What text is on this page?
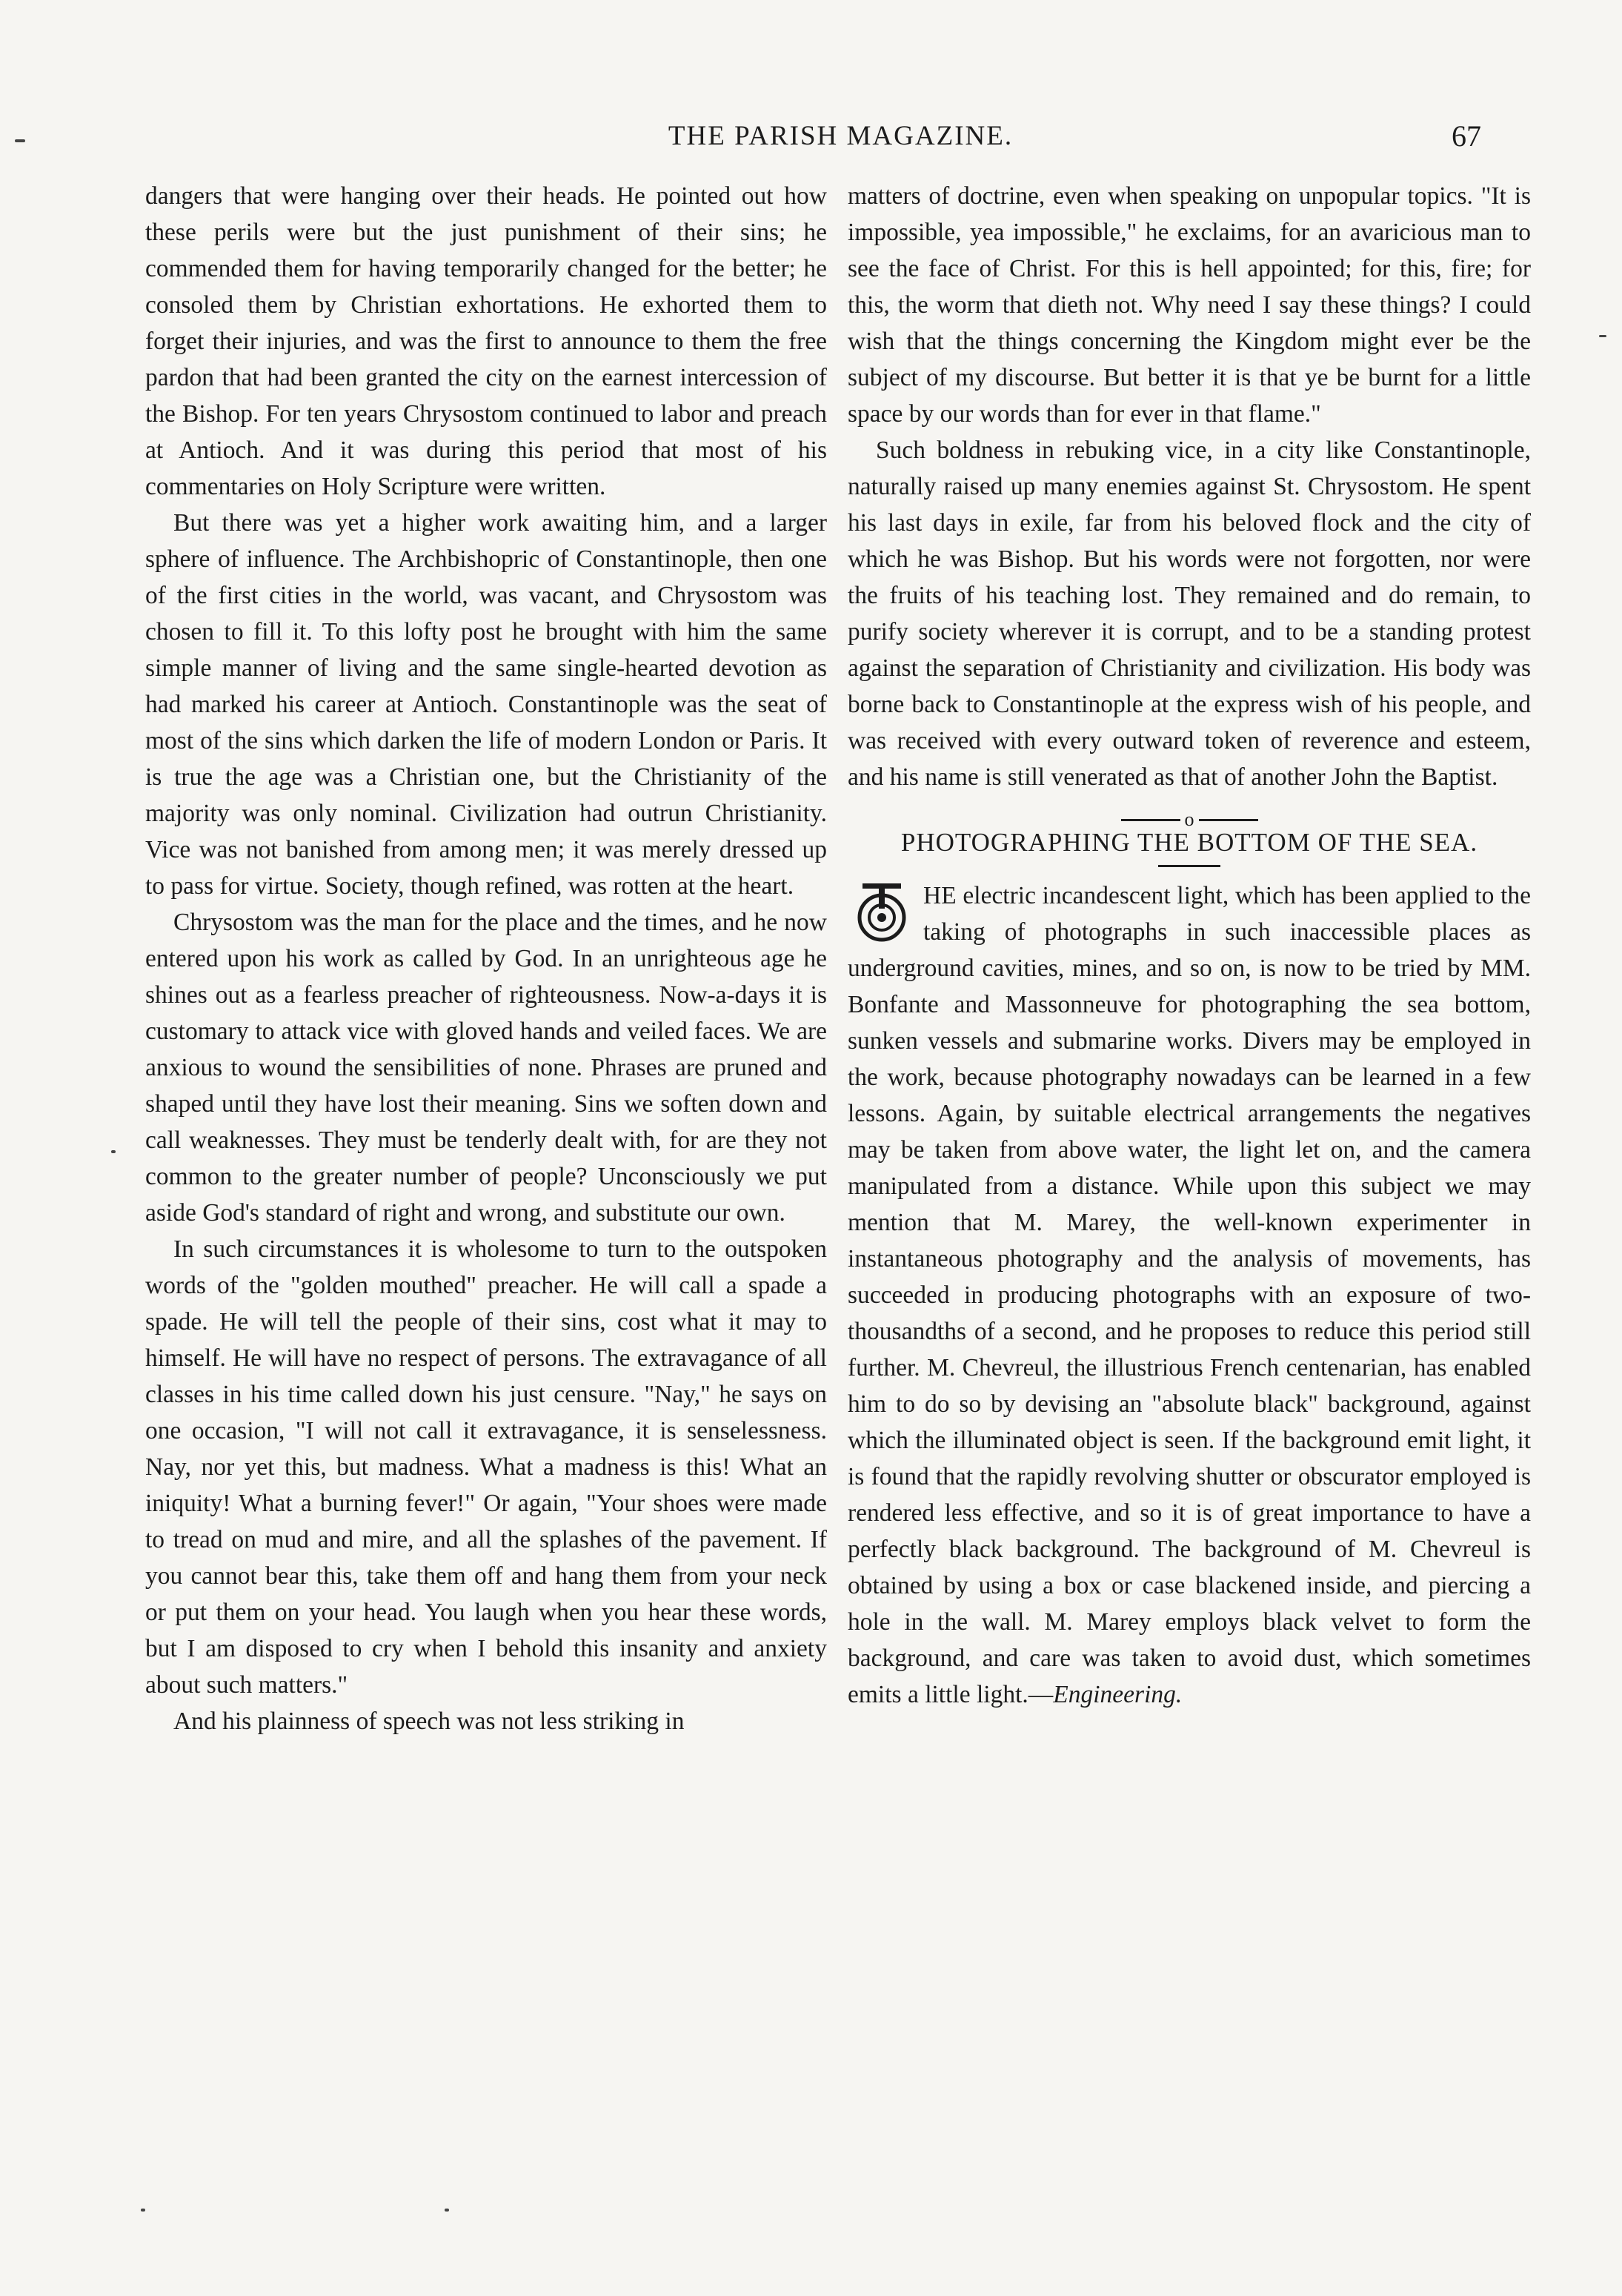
THE PARISH MAGAZINE.	67

dangers that were hanging over their heads. He pointed out how these perils were but the just punishment of their sins; he commended them for having temporarily changed for the better; he consoled them by Christian exhortations. He exhorted them to forget their injuries, and was the first to announce to them the free pardon that had been granted the city on the earnest intercession of the Bishop. For ten years Chrysostom continued to labor and preach at Antioch. And it was during this period that most of his commentaries on Holy Scripture were written.

But there was yet a higher work awaiting him, and a larger sphere of influence. The Archbishopric of Constantinople, then one of the first cities in the world, was vacant, and Chrysostom was chosen to fill it. To this lofty post he brought with him the same simple manner of living and the same single-hearted devotion as had marked his career at Antioch. Constantinople was the seat of most of the sins which darken the life of modern London or Paris. It is true the age was a Christian one, but the Christianity of the majority was only nominal. Civilization had outrun Christianity. Vice was not banished from among men; it was merely dressed up to pass for virtue. Society, though refined, was rotten at the heart.

Chrysostom was the man for the place and the times, and he now entered upon his work as called by God. In an unrighteous age he shines out as a fearless preacher of righteousness. Now-a-days it is customary to attack vice with gloved hands and veiled faces. We are anxious to wound the sensibilities of none. Phrases are pruned and shaped until they have lost their meaning. Sins we soften down and call weaknesses. They must be tenderly dealt with, for are they not common to the greater number of people? Unconsciously we put aside God's standard of right and wrong, and substitute our own.

In such circumstances it is wholesome to turn to the outspoken words of the "golden mouthed" preacher. He will call a spade a spade. He will tell the people of their sins, cost what it may to himself. He will have no respect of persons. The extravagance of all classes in his time called down his just censure. "Nay," he says on one occasion, "I will not call it extravagance, it is senselessness. Nay, nor yet this, but madness. What a madness is this! What an iniquity! What a burning fever!" Or again, "Your shoes were made to tread on mud and mire, and all the splashes of the pavement. If you cannot bear this, take them off and hang them from your neck or put them on your head. You laugh when you hear these words, but I am disposed to cry when I behold this insanity and anxiety about such matters."

And his plainness of speech was not less striking in

matters of doctrine, even when speaking on unpopular topics. "It is impossible, yea impossible," he exclaims, for an avaricious man to see the face of Christ. For this is hell appointed; for this, fire; for this, the worm that dieth not. Why need I say these things? I could wish that the things concerning the Kingdom might ever be the subject of my discourse. But better it is that ye be burnt for a little space by our words than for ever in that flame."

Such boldness in rebuking vice, in a city like Constantinople, naturally raised up many enemies against St. Chrysostom. He spent his last days in exile, far from his beloved flock and the city of which he was Bishop. But his words were not forgotten, nor were the fruits of his teaching lost. They remained and do remain, to purify society wherever it is corrupt, and to be a standing protest against the separation of Christianity and civilization. His body was borne back to Constantinople at the express wish of his people, and was received with every outward token of reverence and esteem, and his name is still venerated as that of another John the Baptist.

o
PHOTOGRAPHING THE BOTTOM OF THE SEA.

HE electric incandescent light, which has been applied to the taking of photographs in such inaccessible places as underground cavities, mines, and so on, is now to be tried by MM. Bonfante and Massonneuve for photographing the sea bottom, sunken vessels and submarine works. Divers may be employed in the work, because photography nowadays can be learned in a few lessons. Again, by suitable electrical arrangements the negatives may be taken from above water, the light let on, and the camera manipulated from a distance. While upon this subject we may mention that M. Marey, the well-known experimenter in instantaneous photography and the analysis of movements, has succeeded in producing photographs with an exposure of two-thousandths of a second, and he proposes to reduce this period still further. M. Chevreul, the illustrious French centenarian, has enabled him to do so by devising an "absolute black" background, against which the illuminated object is seen. If the background emit light, it is found that the rapidly revolving shutter or obscurator employed is rendered less effective, and so it is of great importance to have a perfectly black background. The background of M. Chevreul is obtained by using a box or case blackened inside, and piercing a hole in the wall. M. Marey employs black velvet to form the background, and care was taken to avoid dust, which sometimes emits a little light.—Engineering.
